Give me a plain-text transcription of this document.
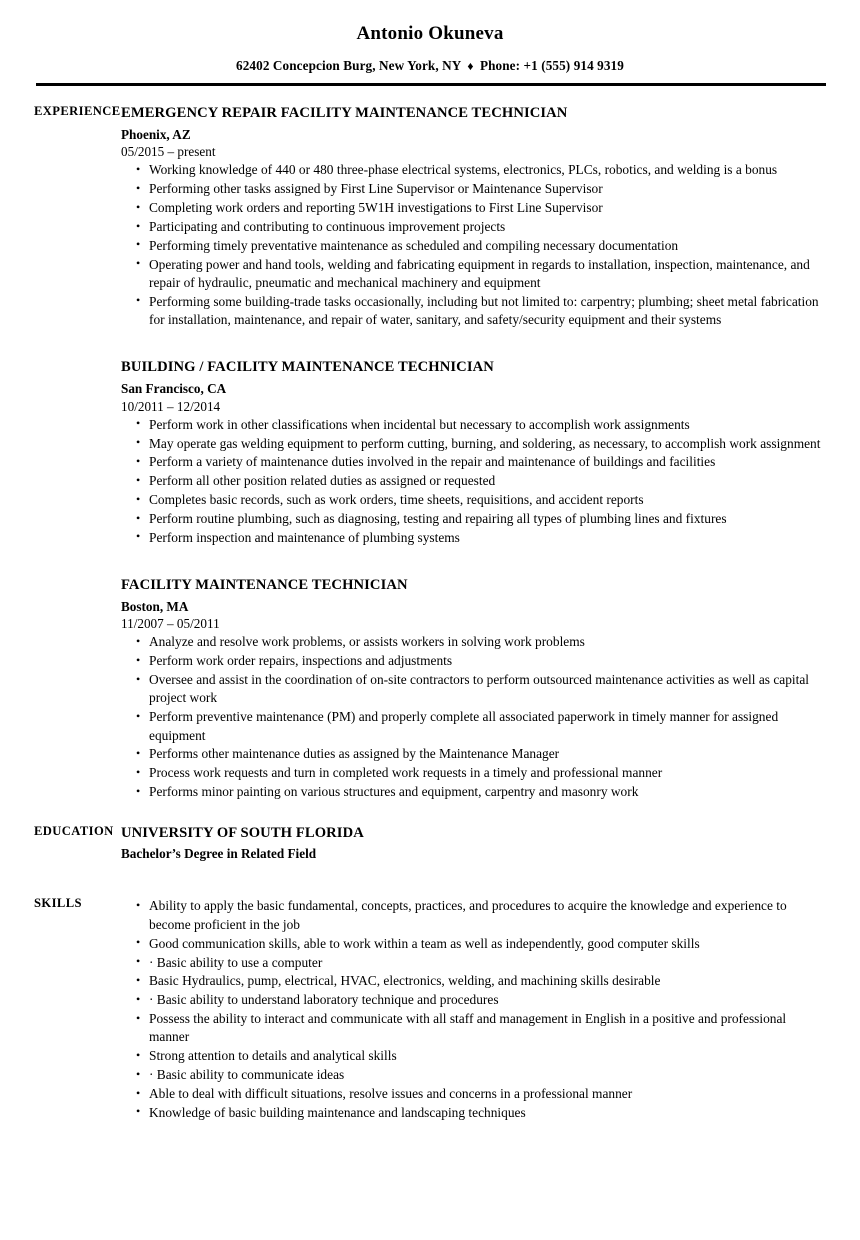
Antonio Okuneva
62402 Concepcion Burg, New York, NY ♦ Phone: +1 (555) 914 9319
EXPERIENCE EMERGENCY REPAIR FACILITY MAINTENANCE TECHNICIAN
Phoenix, AZ
05/2015 – present
• Working knowledge of 440 or 480 three-phase electrical systems, electronics, PLCs, robotics, and welding is a bonus
• Performing other tasks assigned by First Line Supervisor or Maintenance Supervisor
• Completing work orders and reporting 5W1H investigations to First Line Supervisor
• Participating and contributing to continuous improvement projects
• Performing timely preventative maintenance as scheduled and compiling necessary documentation
• Operating power and hand tools, welding and fabricating equipment in regards to installation, inspection, maintenance, and repair of hydraulic, pneumatic and mechanical machinery and equipment
• Performing some building-trade tasks occasionally, including but not limited to: carpentry; plumbing; sheet metal fabrication for installation, maintenance, and repair of water, sanitary, and safety/security equipment and their systems
BUILDING / FACILITY MAINTENANCE TECHNICIAN
San Francisco, CA
10/2011 – 12/2014
• Perform work in other classifications when incidental but necessary to accomplish work assignments
• May operate gas welding equipment to perform cutting, burning, and soldering, as necessary, to accomplish work assignment
• Perform a variety of maintenance duties involved in the repair and maintenance of buildings and facilities
• Perform all other position related duties as assigned or requested
• Completes basic records, such as work orders, time sheets, requisitions, and accident reports
• Perform routine plumbing, such as diagnosing, testing and repairing all types of plumbing lines and fixtures
• Perform inspection and maintenance of plumbing systems
FACILITY MAINTENANCE TECHNICIAN
Boston, MA
11/2007 – 05/2011
• Analyze and resolve work problems, or assists workers in solving work problems
• Perform work order repairs, inspections and adjustments
• Oversee and assist in the coordination of on-site contractors to perform outsourced maintenance activities as well as capital project work
• Perform preventive maintenance (PM) and properly complete all associated paperwork in timely manner for assigned equipment
• Performs other maintenance duties as assigned by the Maintenance Manager
• Process work requests and turn in completed work requests in a timely and professional manner
• Performs minor painting on various structures and equipment, carpentry and masonry work
EDUCATION UNIVERSITY OF SOUTH FLORIDA
Bachelor’s Degree in Related Field
SKILLS	• Ability to apply the basic fundamental, concepts, practices, and procedures to acquire the knowledge and experience to become proficient in the job
• Good communication skills, able to work within a team as well as independently, good computer skills
• · Basic ability to use a computer
• Basic Hydraulics, pump, electrical, HVAC, electronics, welding, and machining skills desirable
• · Basic ability to understand laboratory technique and procedures
• Possess the ability to interact and communicate with all staff and management in English in a positive and professional manner
• Strong attention to details and analytical skills
• · Basic ability to communicate ideas
• Able to deal with difficult situations, resolve issues and concerns in a professional manner
• Knowledge of basic building maintenance and landscaping techniques
